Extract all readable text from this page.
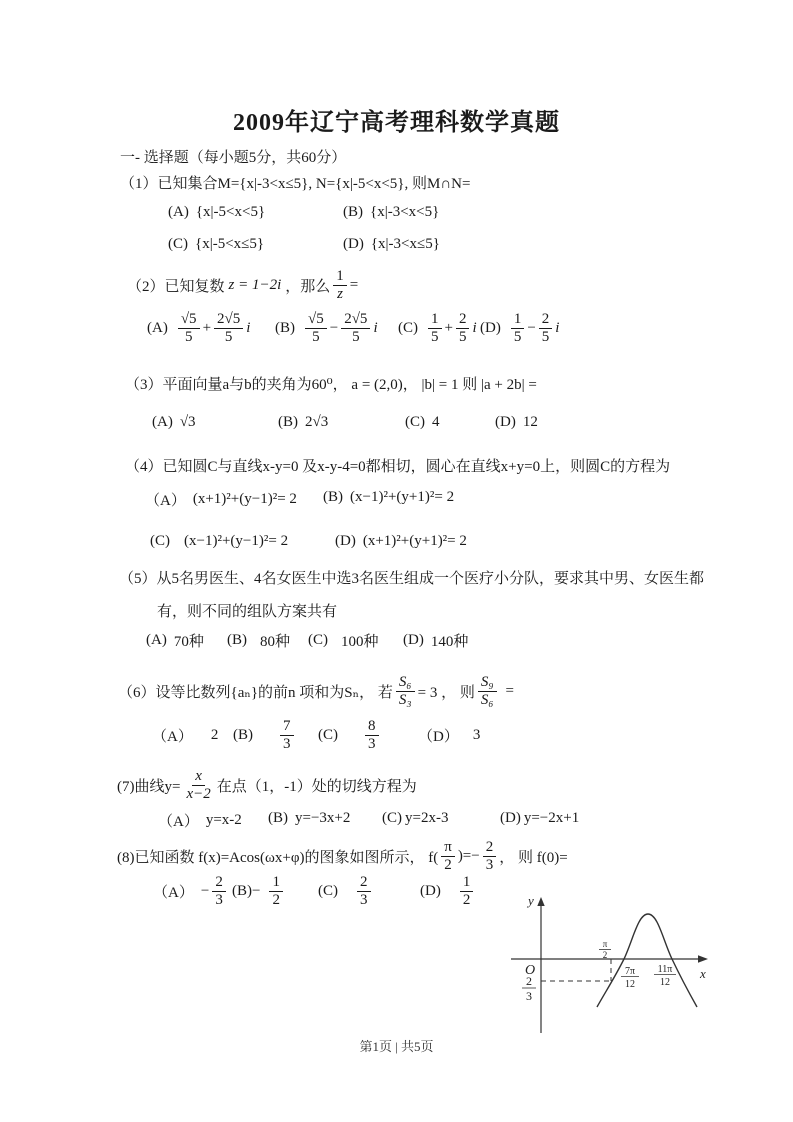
2009年辽宁高考理科数学真题
一- 选择题（每小题5分，共60分）
（1）已知集合M={x|-3<x≤5}, N={x|-5<x<5}, 则M∩N=
(A) {x|-5<x<5}	(B) {x|-3<x<5}
(C) {x|-5<x≤5}	(D) {x|-3<x≤5}
（2）已知复数 z = 1−2i ，那么 $\frac{1}{z}$ =
$(A) \frac{√5}{5} + \frac{2√5}{5}$ i $(B) \frac{√5}{5} - \frac{2√5}{5}$ i $(C) \frac{1}{5} + \frac{2}{5}$ i $(D) \frac{1}{5} - \frac{2}{5}$ i
（3）平面向量a与b的夹角为60⁰， a = (2,0)， |b| = 1 则 |a + 2b| =
(A) √3	(B) 2√3	(C) 4	(D) 12
（4）已知圆C与直线x-y=0 及x-y-4=0都相切，圆心在直线x+y=0上，则圆C的方程为
（A） (x+1)²+(y−1)²= 2 (B) (x−1)²+(y+1)²= 2
(C) (x−1)²+(y−1)²= 2	(D) (x+1)²+(y+1)²= 2
（5）从5名男医生、4名女医生中选3名医生组成一个医疗小分队，要求其中男、女医生都
有，则不同的组队方案共有
(A) 70种 (B) 80种 (C) 100种 (D) 140种
（6）设等比数列{aₙ}的前n 项和为Sₙ， 若 $\frac{\text{S₆}}{\text{S₃}} = 3$ ， 则 $\frac{\text{S₉}}{\text{S₆}}$ =
（A） 2 $(B) \frac{7}{3} (C) \frac{8}{3}$	（D） 3
(7)曲线$y= \frac{x}{x-2}$ 在点（1，-1）处的切线方程为
（A） y=x-2 (B) y=−3x+2 (C) y=2x-3	(D) y=−2x+1
(8)已知函数 f(x)=Acos(ωx+φ)的图象如图所示， $f( \frac{\pi}{2}$ )=− $\frac{2}{3}$ ， 则 f(0)=
$(A) - \frac{2}{3} (B) - \frac{1}{2} (C) \frac{2}{3}$	$(D) \frac{1}{2}$
O
y
x
π
2
7π
12
11π
12
2
3
第1页 | 共5页
